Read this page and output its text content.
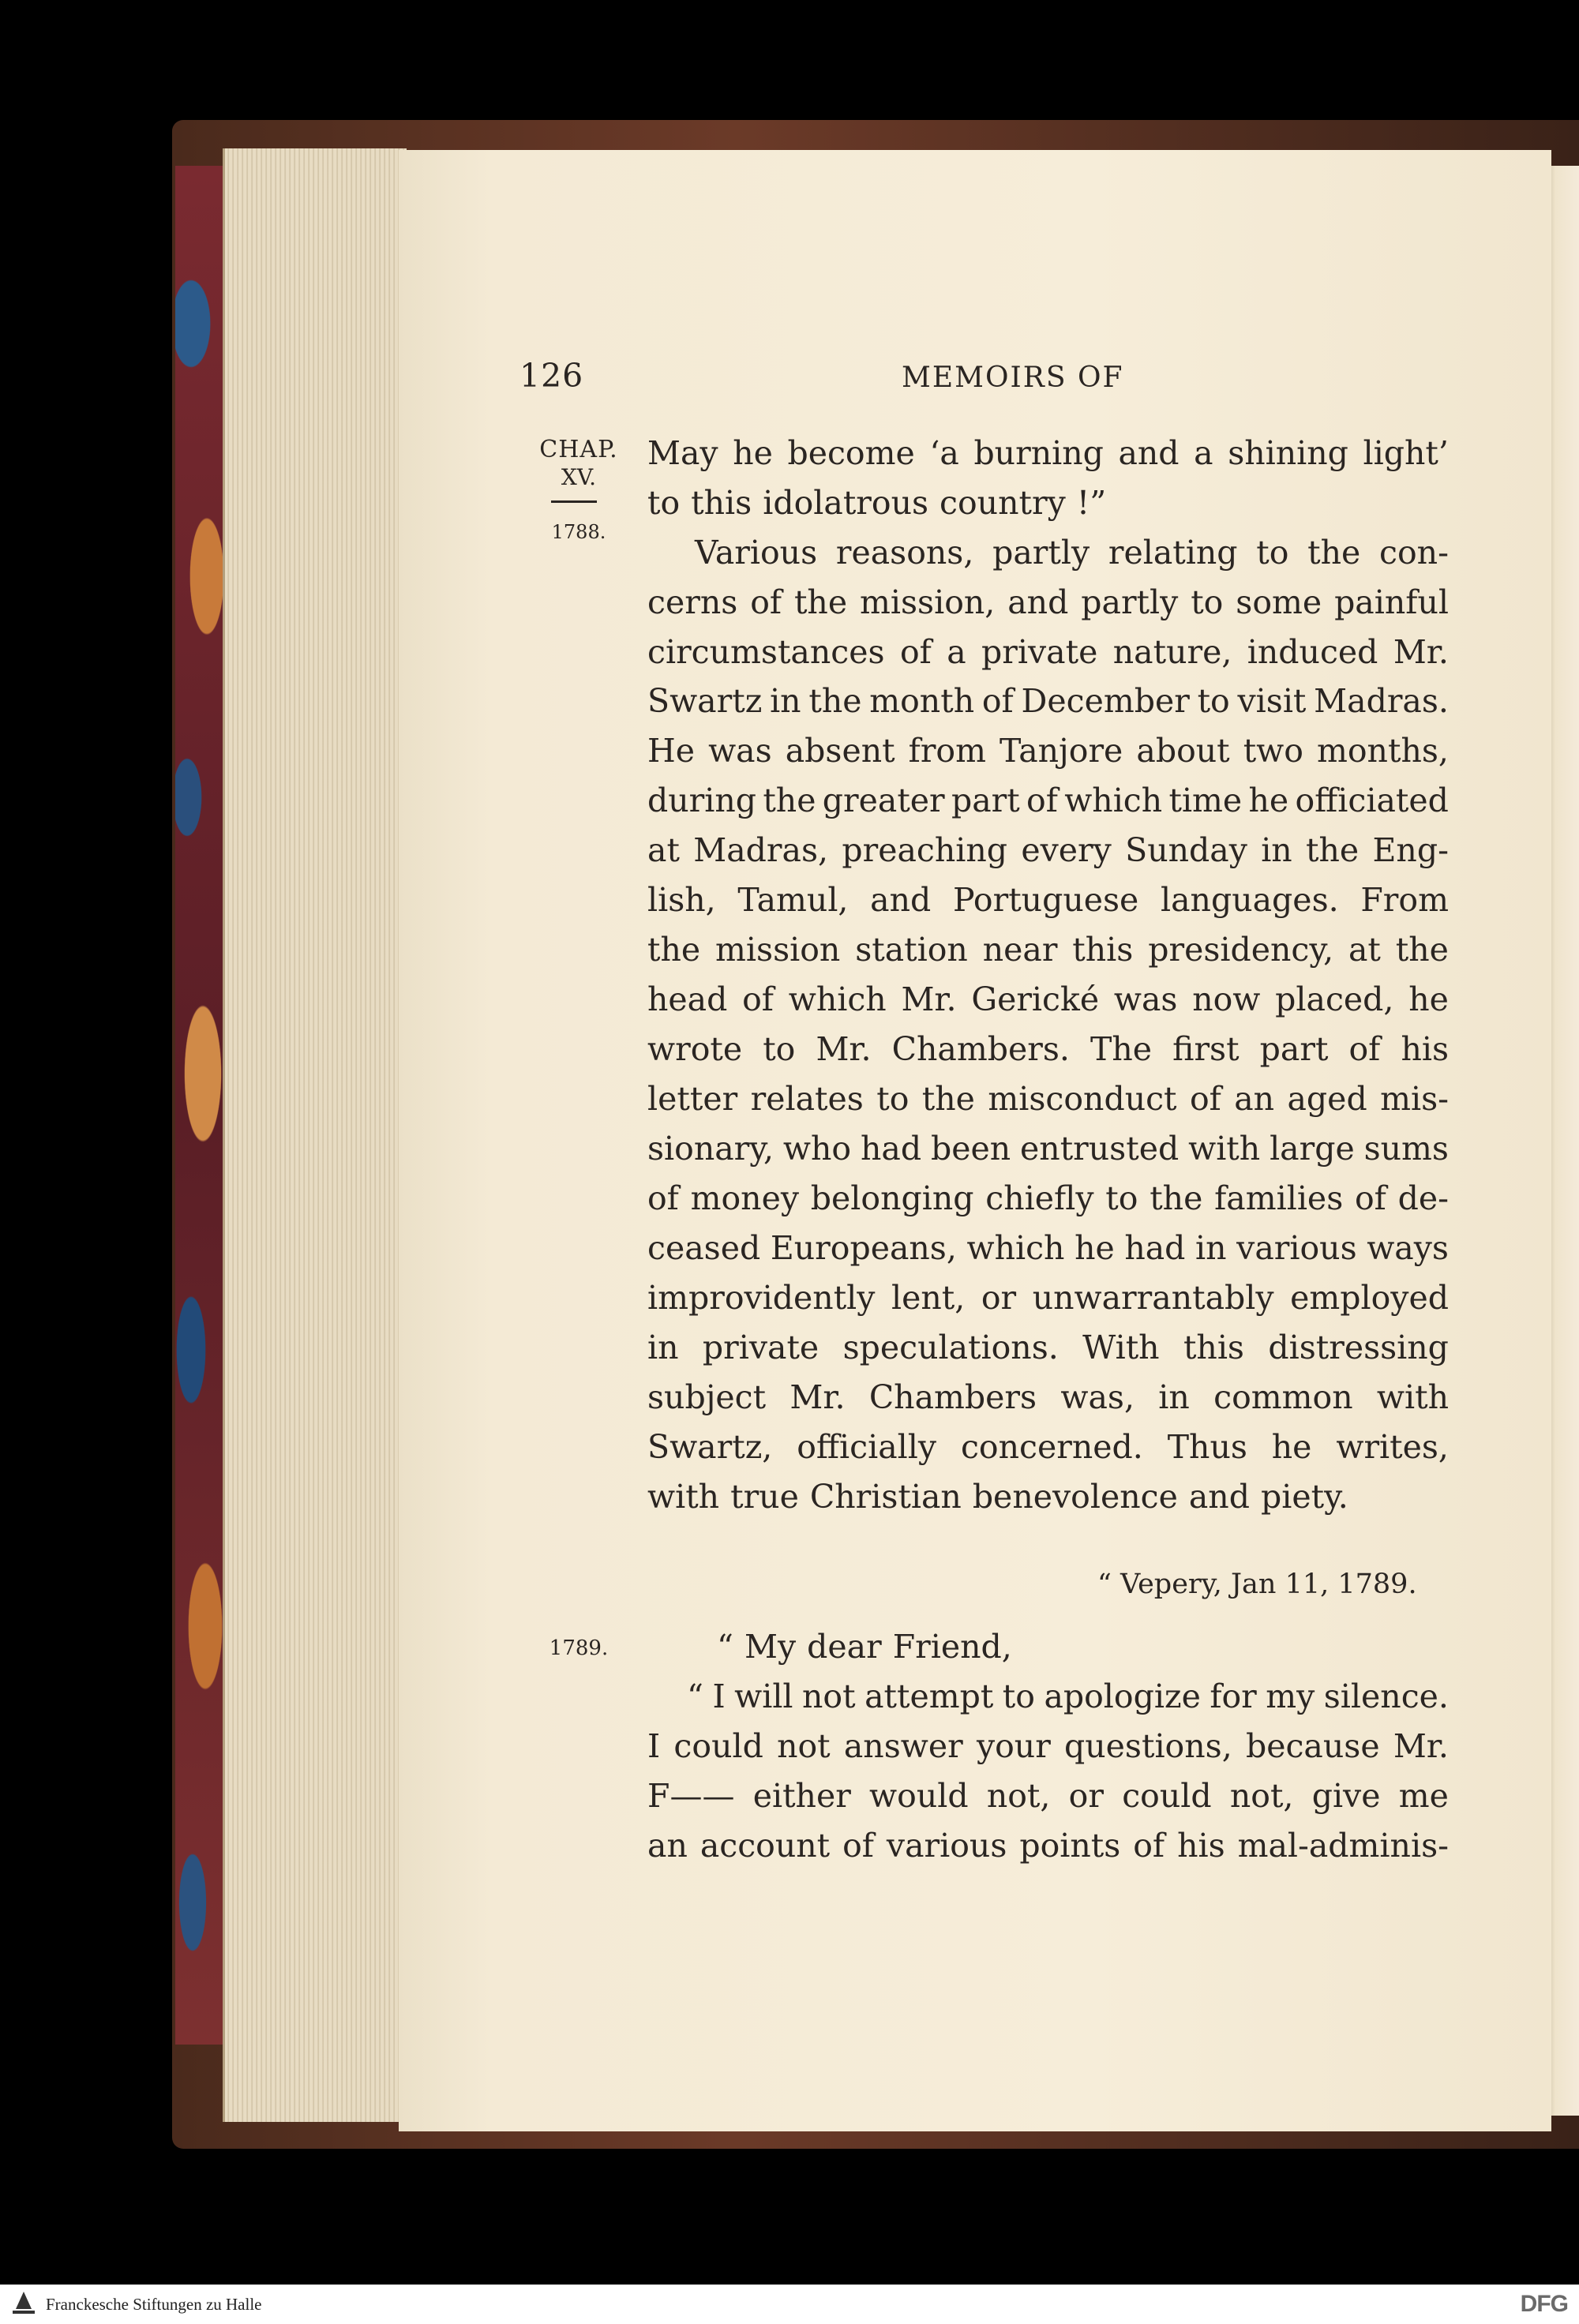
126	MEMOIRS OF
CHAP.
XV.
1788.
1789.
May he become ‘a burning and a shining light’
to this idolatrous country !”
Various reasons, partly relating to the con-
cerns of the mission, and partly to some painful
circumstances of a private nature, induced Mr.
Swartz in the month of December to visit Madras.
He was absent from Tanjore about two months,
during the greater part of which time he officiated
at Madras, preaching every Sunday in the Eng-
lish, Tamul, and Portuguese languages. From
the mission station near this presidency, at the
head of which Mr. Gerické was now placed, he
wrote to Mr. Chambers. The first part of his
letter relates to the misconduct of an aged mis-
sionary, who had been entrusted with large sums
of money belonging chiefly to the families of de-
ceased Europeans, which he had in various ways
improvidently lent, or unwarrantably employed
in private speculations. With this distressing
subject Mr. Chambers was, in common with
Swartz, officially concerned. Thus he writes,
with true Christian benevolence and piety.
“ Vepery, Jan 11, 1789.
“ My dear Friend,
“ I will not attempt to apologize for my silence.
I could not answer your questions, because Mr.
F—— either would not, or could not, give me
an account of various points of his mal-adminis-
Franckesche Stiftungen zu Halle	DFG
